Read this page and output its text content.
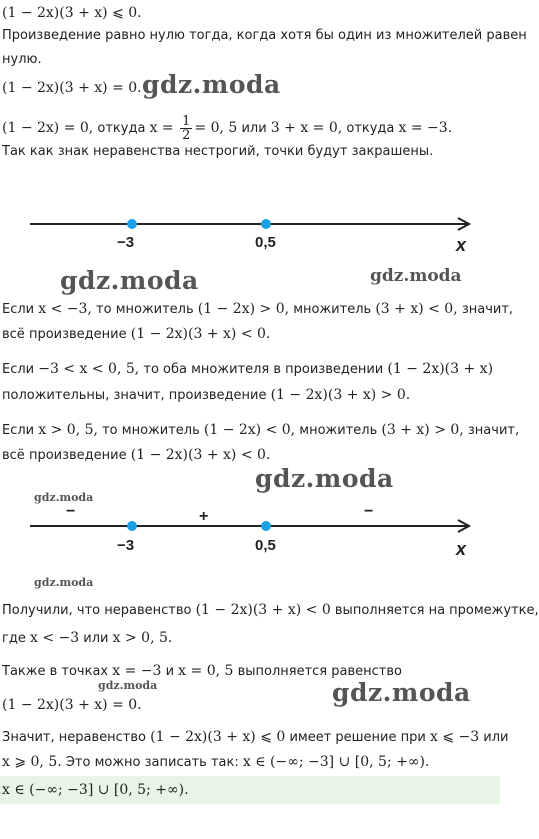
(1 − 2x)(3 + x) ⩽ 0.
Произведение равно нулю тогда, когда хотя бы один из множителей равен
нулю.
(1 − 2x)(3 + x) = 0.
(1 − 2x) = 0, откуда $x = \frac{1}{2} = 0$, 5 или 3 + x = 0, откуда x = −3.
Так как знак неравенства нестрогий, точки будут закрашены.
−3	0,5	x
Если x < −3, то множитель (1 − 2x) > 0, множитель (3 + x) < 0, значит,
всё произведение (1 − 2x)(3 + x) < 0.
Если −3 < x < 0, 5, то оба множителя в произведении (1 − 2x)(3 + x)
положительны, значит, произведение (1 − 2x)(3 + x) > 0.
Если x > 0, 5, то множитель (1 − 2x) < 0, множитель (3 + x) > 0, значит,
всё произведение (1 − 2x)(3 + x) < 0.
−	+	−
−3	0,5	x
Получили, что неравенство (1 − 2x)(3 + x) < 0 выполняется на промежутке,
где x < −3 или x > 0, 5.
Также в точках x = −3 и x = 0, 5 выполняется равенство
(1 − 2x)(3 + x) = 0.
Значит, неравенство (1 − 2x)(3 + x) ⩽ 0 имеет решение при x ⩽ −3 или
x ⩾ 0, 5. Это можно записать так: x ∈ (−∞; −3] ∪ [0, 5; +∞).
x ∈ (−∞; −3] ∪ [0, 5; +∞).
gdz.moda
gdz.moda	gdz.moda
gdz.moda
gdz.moda
gdz.moda
gdz.moda	gdz.moda
